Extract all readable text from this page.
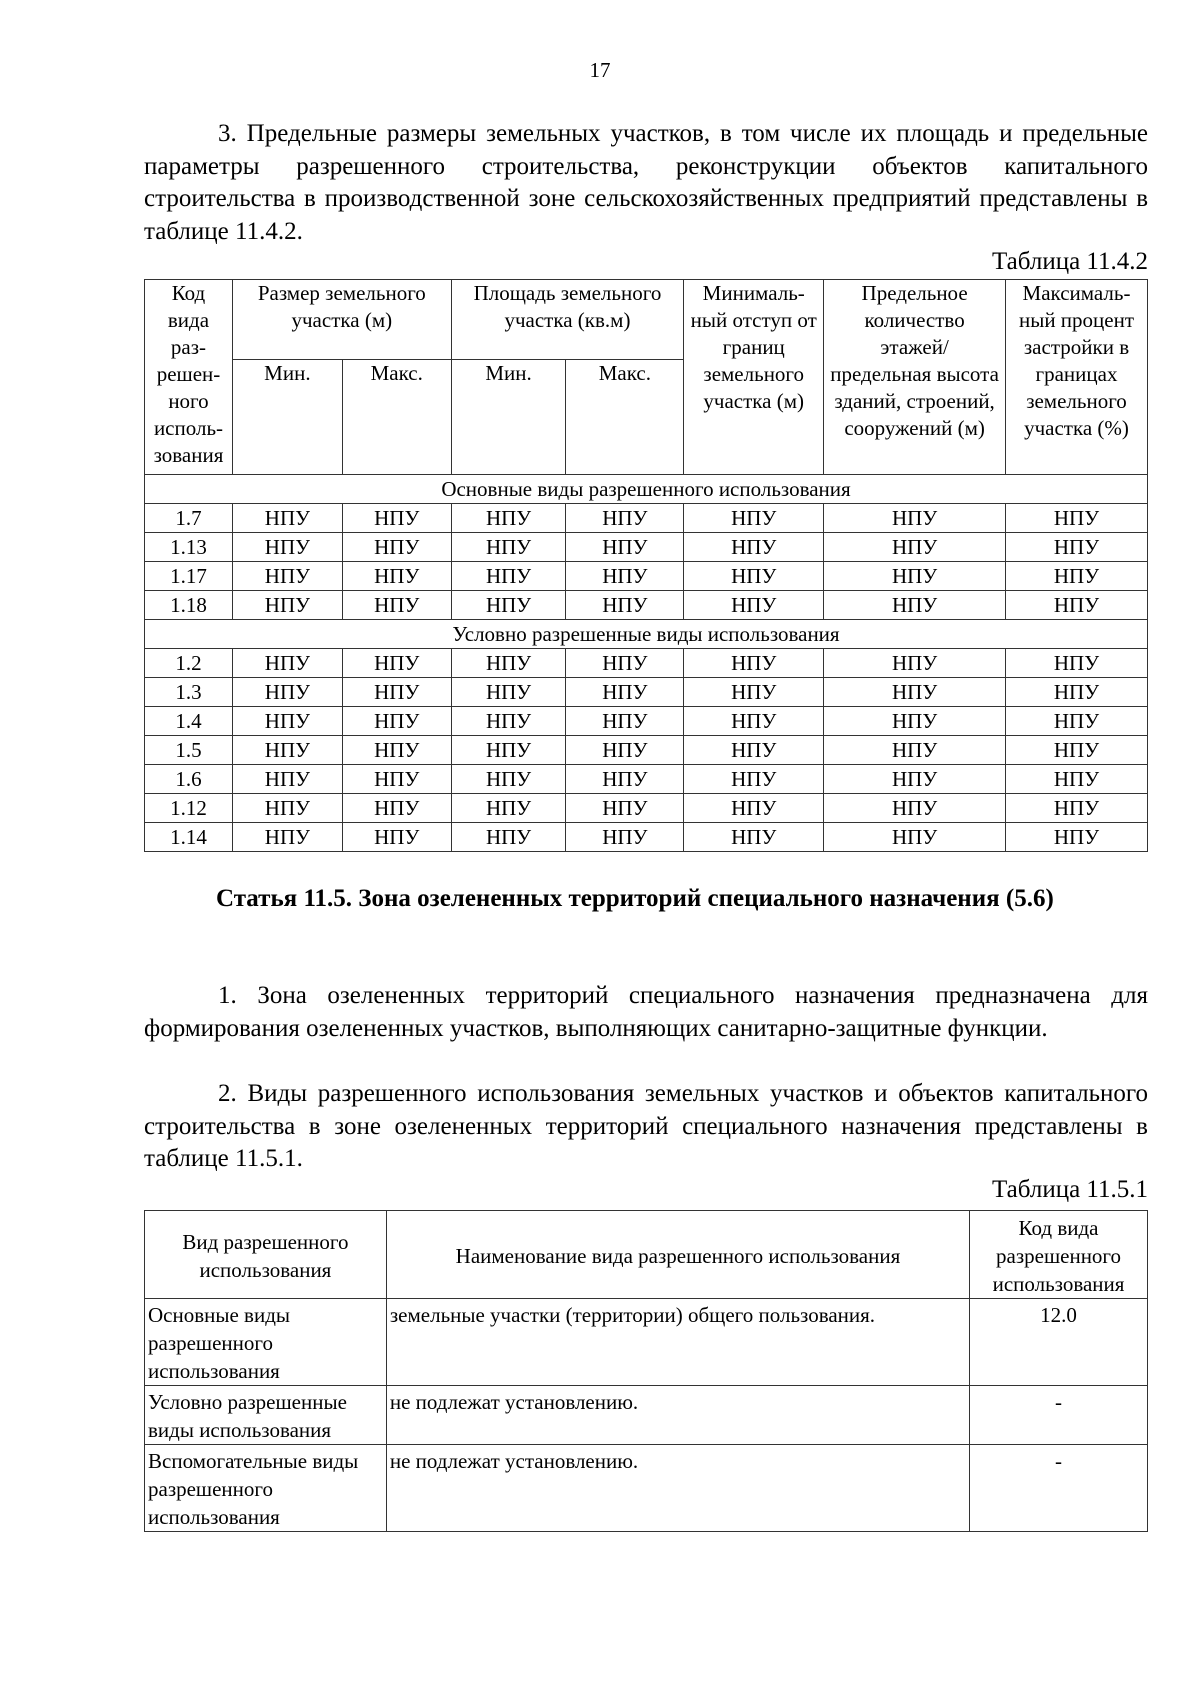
17

3. Предельные размеры земельных участков, в том числе их площадь и предельные параметры разрешенного строительства, реконструкции объектов капитального строительства в производственной зоне сельскохозяйственных предприятий представлены в таблице 11.4.2.

Таблица 11.4.2
Код вида раз-решен-ного исполь-зования	Размер земельного участка (м)		Площадь земельного участка (кв.м)		Минималь-ный отступ от границ земельного участка (м)	Предельное количество этажей/ предельная высота зданий, строений, сооружений (м)	Максималь-ный процент застройки в границах земельного участка (%)
	Мин.	Макс.	Мин.	Макс.			
Основные виды разрешенного использования							
1.7	НПУ	НПУ	НПУ	НПУ	НПУ	НПУ	НПУ
1.13	НПУ	НПУ	НПУ	НПУ	НПУ	НПУ	НПУ
1.17	НПУ	НПУ	НПУ	НПУ	НПУ	НПУ	НПУ
1.18	НПУ	НПУ	НПУ	НПУ	НПУ	НПУ	НПУ
Условно разрешенные виды использования							
1.2	НПУ	НПУ	НПУ	НПУ	НПУ	НПУ	НПУ
1.3	НПУ	НПУ	НПУ	НПУ	НПУ	НПУ	НПУ
1.4	НПУ	НПУ	НПУ	НПУ	НПУ	НПУ	НПУ
1.5	НПУ	НПУ	НПУ	НПУ	НПУ	НПУ	НПУ
1.6	НПУ	НПУ	НПУ	НПУ	НПУ	НПУ	НПУ
1.12	НПУ	НПУ	НПУ	НПУ	НПУ	НПУ	НПУ
1.14	НПУ	НПУ	НПУ	НПУ	НПУ	НПУ	НПУ

Статья 11.5. Зона озелененных территорий специального назначения (5.6)

1. Зона озелененных территорий специального назначения предназначена для формирования озелененных участков, выполняющих санитарно-защитные функции.

2. Виды разрешенного использования земельных участков и объектов капитального строительства в зоне озелененных территорий специального назначения представлены в таблице 11.5.1.

Таблица 11.5.1
Вид разрешенного использования	Наименование вида разрешенного использования	Код вида разрешенного использования
Основные виды разрешенного использования	земельные участки (территории) общего пользования.	12.0
Условно разрешенные виды использования	не подлежат установлению.	-
Вспомогательные виды разрешенного использования	не подлежат установлению.	-
